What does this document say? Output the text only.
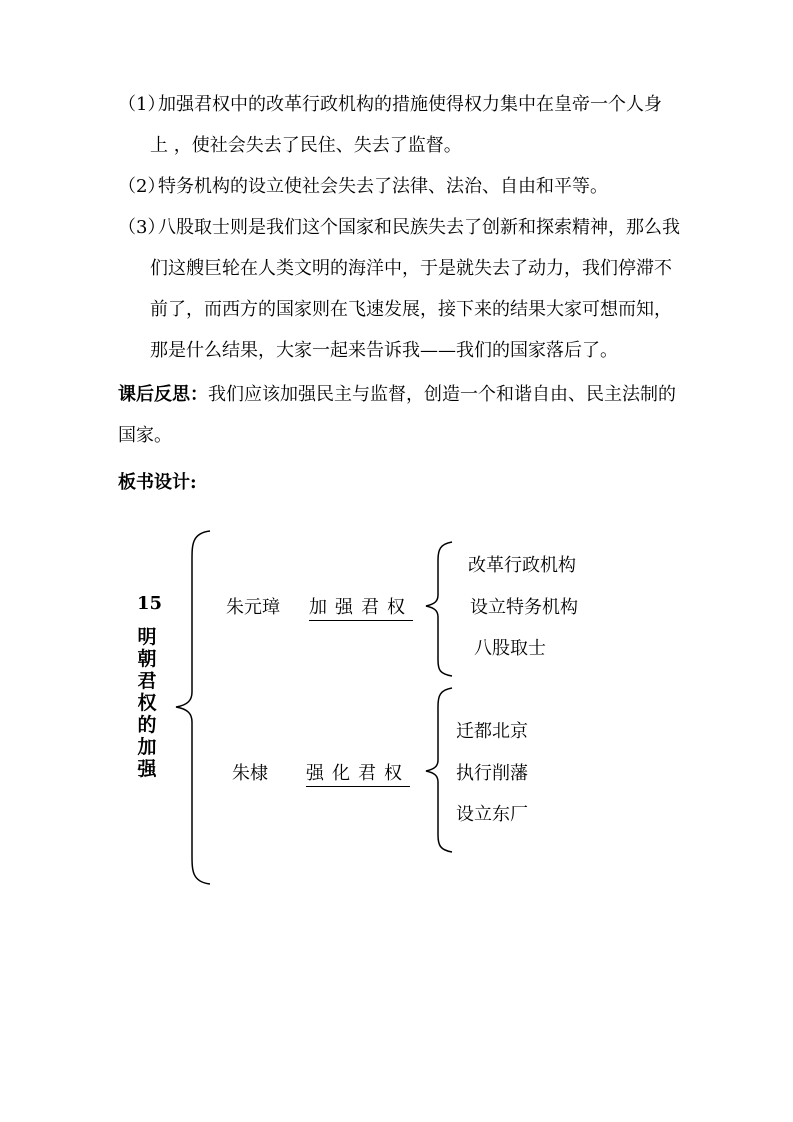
（1）加强君权中的改革行政机构的措施使得权力集中在皇帝一个人身
上 ，使社会失去了民住、失去了监督。
（2）特务机构的设立使社会失去了法律、法治、自由和平等。
（3）八股取士则是我们这个国家和民族失去了创新和探索精神，那么我
们这艘巨轮在人类文明的海洋中，于是就失去了动力，我们停滞不
前了，而西方的国家则在飞速发展，接下来的结果大家可想而知，
那是什么结果，大家一起来告诉我——我们的国家落后了。
课后反思：我们应该加强民主与监督，创造一个和谐自由、民主法制的
国家。
板书设计:
15
明
朝
君
权
的
加
强
朱元璋 加强君权
改革行政机构
设立特务机构
八股取士
朱棣 强化君权
迁都北京
执行削藩
设立东厂
